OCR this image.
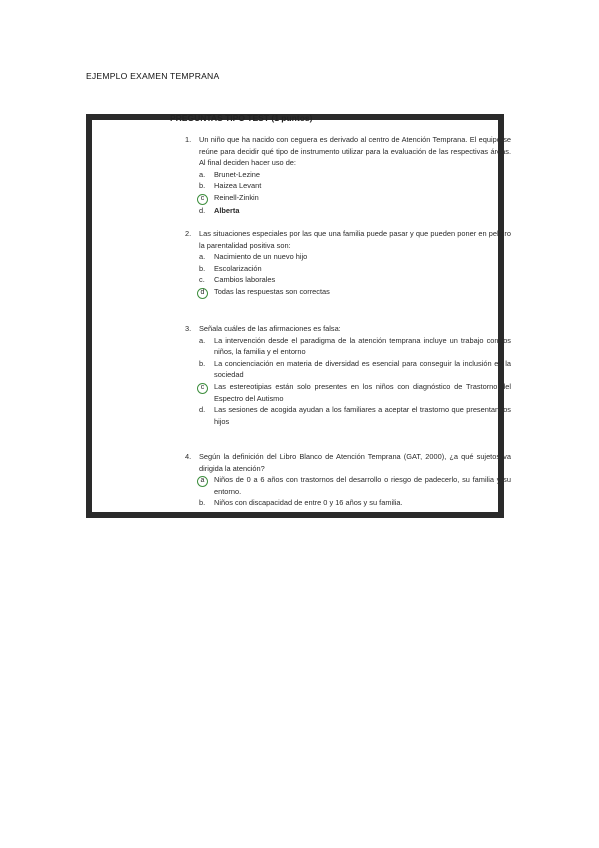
EJEMPLO EXAMEN TEMPRANA
PREGUNTAS TIPO TEST (1 puntos)
1.	Un niño que ha nacido con ceguera es derivado al centro de Atención Temprana. El equipo se reúne para decidir qué tipo de instrumento utilizar para la evaluación de las respectivas áreas. Al final deciden hacer uso de:
a.	Brunet-Lezine
b.	Haizea Levant
c	Reinell-Zinkin
d.	Alberta
2.	Las situaciones especiales por las que una familia puede pasar y que pueden poner en peligro la parentalidad positiva son:
a.	Nacimiento de un nuevo hijo
b.	Escolarización
c.	Cambios laborales
d	Todas las respuestas son correctas
3.	Señala cuáles de las afirmaciones es falsa:
a.	La intervención desde el paradigma de la atención temprana incluye un trabajo con los niños, la familia y el entorno
b.	La concienciación en materia de diversidad es esencial para conseguir la inclusión en la sociedad
c	Las estereotipias están solo presentes en los niños con diagnóstico de Trastorno del Espectro del Autismo
d.	Las sesiones de acogida ayudan a los familiares a aceptar el trastorno que presentan los hijos
4.	Según la definición del Libro Blanco de Atención Temprana (GAT, 2000), ¿a qué sujetos va dirigida la atención?
a	Niños de 0 a 6 años con trastornos del desarrollo o riesgo de padecerlo, su familia y su entorno.
b.	Niños con discapacidad de entre 0 y 16 años y su familia.
